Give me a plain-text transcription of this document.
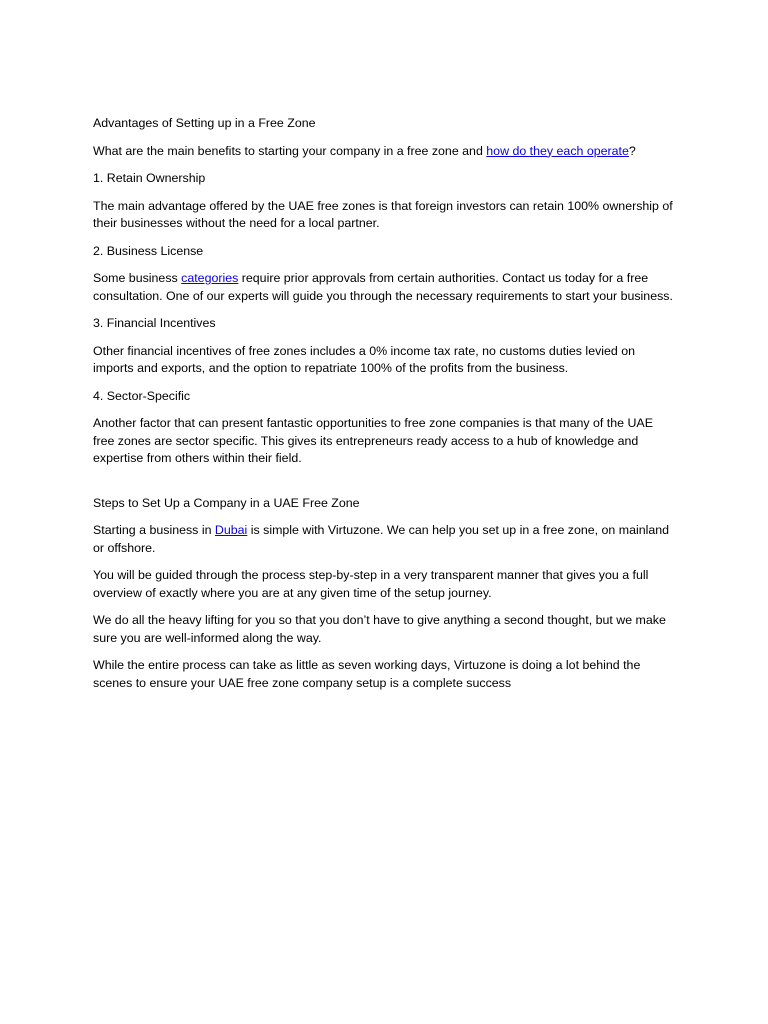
Advantages of Setting up in a Free Zone

What are the main benefits to starting your company in a free zone and how do they each operate?

1. Retain Ownership

The main advantage offered by the UAE free zones is that foreign investors can retain 100% ownership of their businesses without the need for a local partner.

2. Business License

Some business categories require prior approvals from certain authorities. Contact us today for a free consultation. One of our experts will guide you through the necessary requirements to start your business.

3. Financial Incentives

Other financial incentives of free zones includes a 0% income tax rate, no customs duties levied on imports and exports, and the option to repatriate 100% of the profits from the business.

4. Sector-Specific

Another factor that can present fantastic opportunities to free zone companies is that many of the UAE free zones are sector specific. This gives its entrepreneurs ready access to a hub of knowledge and expertise from others within their field.

Steps to Set Up a Company in a UAE Free Zone

Starting a business in Dubai is simple with Virtuzone. We can help you set up in a free zone, on mainland or offshore.

You will be guided through the process step-by-step in a very transparent manner that gives you a full overview of exactly where you are at any given time of the setup journey.

We do all the heavy lifting for you so that you don’t have to give anything a second thought, but we make sure you are well-informed along the way.

While the entire process can take as little as seven working days, Virtuzone is doing a lot behind the scenes to ensure your UAE free zone company setup is a complete success
